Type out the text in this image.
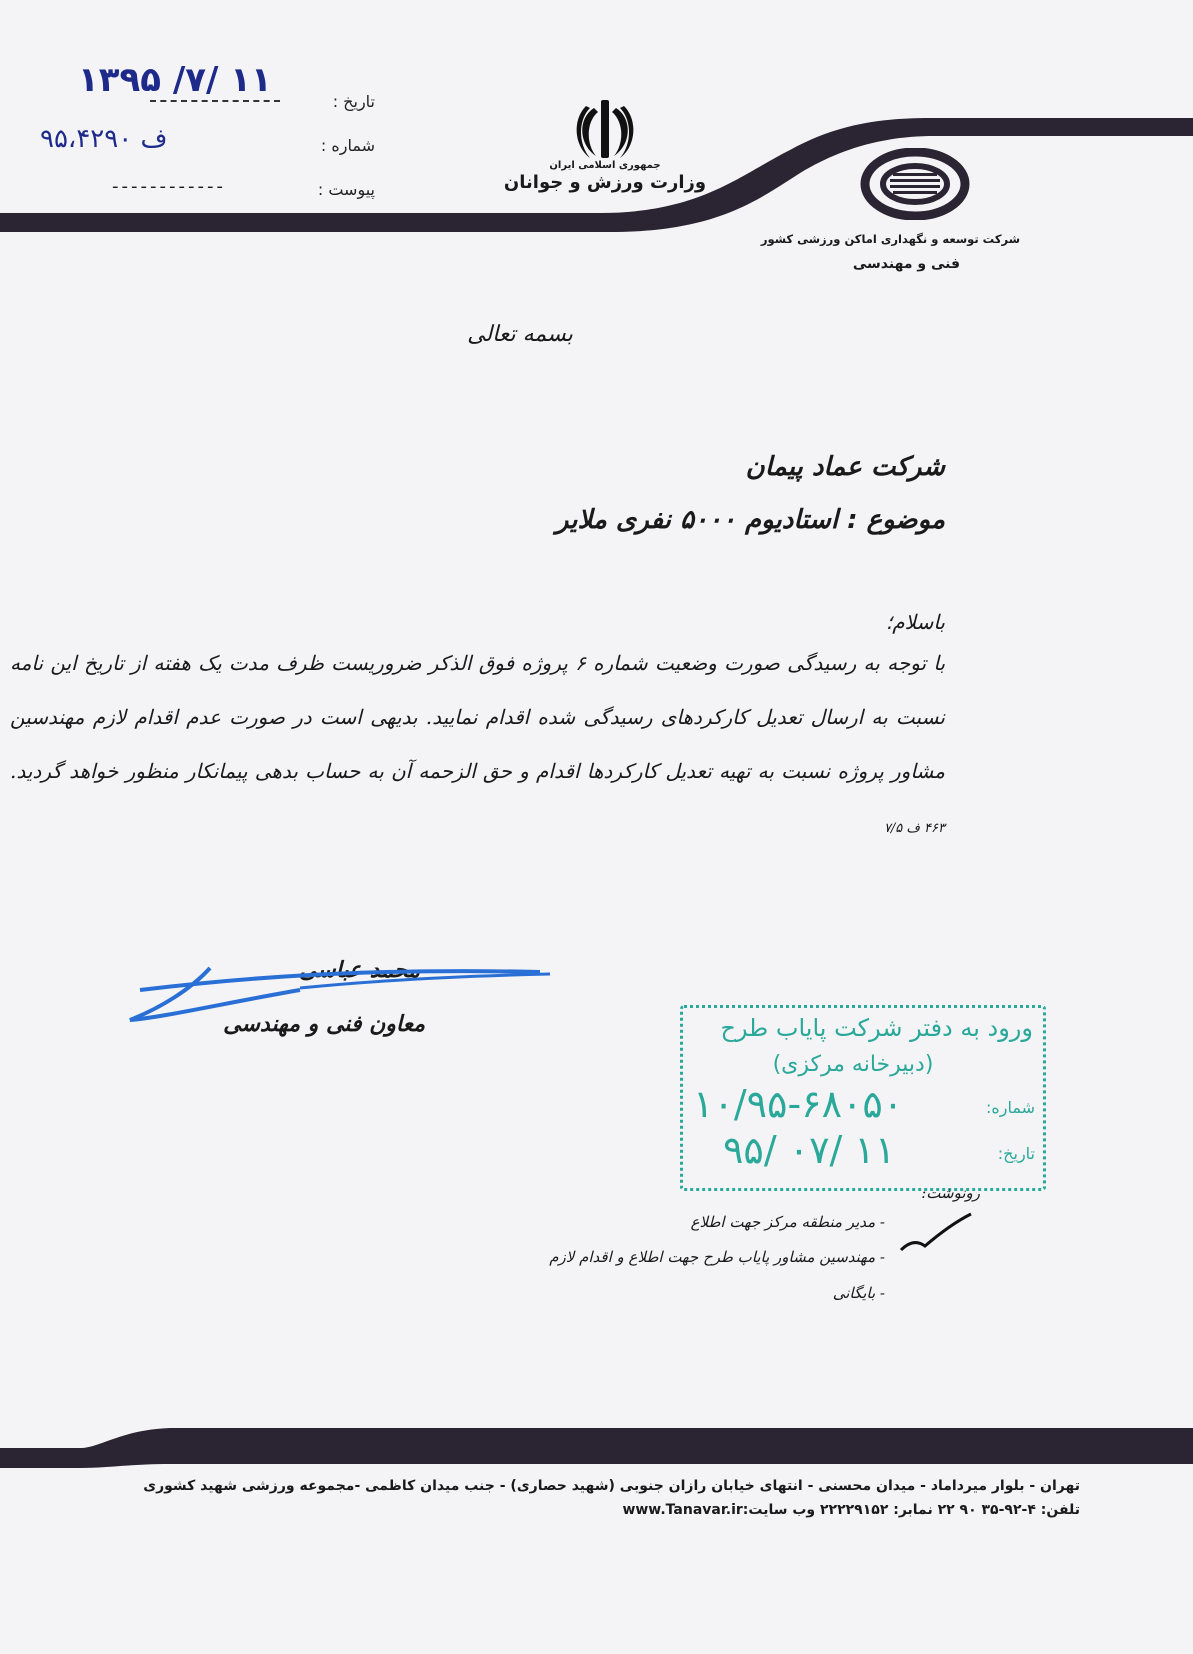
تاریخ :
۱۳۹۵ /۷/ ۱۱
شماره :
۹۵،۴۲۹۰ ف
پیوست :
------------
جمهوری اسلامی ایران
وزارت ورزش و جوانان
شرکت توسعه و نگهداری اماکن ورزشی کشور
فنی و مهندسی
بسمه تعالی
شرکت عماد پیمان
موضوع : استادیوم ۵۰۰۰ نفری ملایر
باسلام؛
با توجه به رسیدگی صورت وضعیت شماره ۶ پروژه فوق الذکر ضروریست ظرف مدت یک هفته از تاریخ این نامه نسبت به ارسال تعدیل کارکردهای رسیدگی شده اقدام نمایید. بدیهی است در صورت عدم اقدام لازم مهندسین مشاور پروژه نسبت به تهیه تعدیل کارکردها اقدام و حق الزحمه آن به حساب بدهی پیمانکار منظور خواهد گردید. ۴۶۳ ف ۷/۵
محمد عباسی
معاون فنی و مهندسی	ورود به دفتر شرکت پایاب طرح
(دبیرخانه مرکزی)
شماره:
۱۰/۹۵-۶۸۰۵۰
تاریخ:
۹۵/ ۰۷/ ۱۱
رونوشت:
- مدیر منطقه مرکز جهت اطلاع
- مهندسین مشاور پایاب طرح جهت اطلاع و اقدام لازم
- بایگانی
تهران - بلوار میرداماد - میدان محسنی - انتهای خیابان رازان جنوبی (شهید حصاری) - جنب میدان کاظمی -مجموعه ورزشی شهید کشوری
تلفن: ۴-۹۲-۳۵ ۹۰ ۲۲ نمابر: ۲۲۲۲۹۱۵۲ وب سایت:www.Tanavar.ir
